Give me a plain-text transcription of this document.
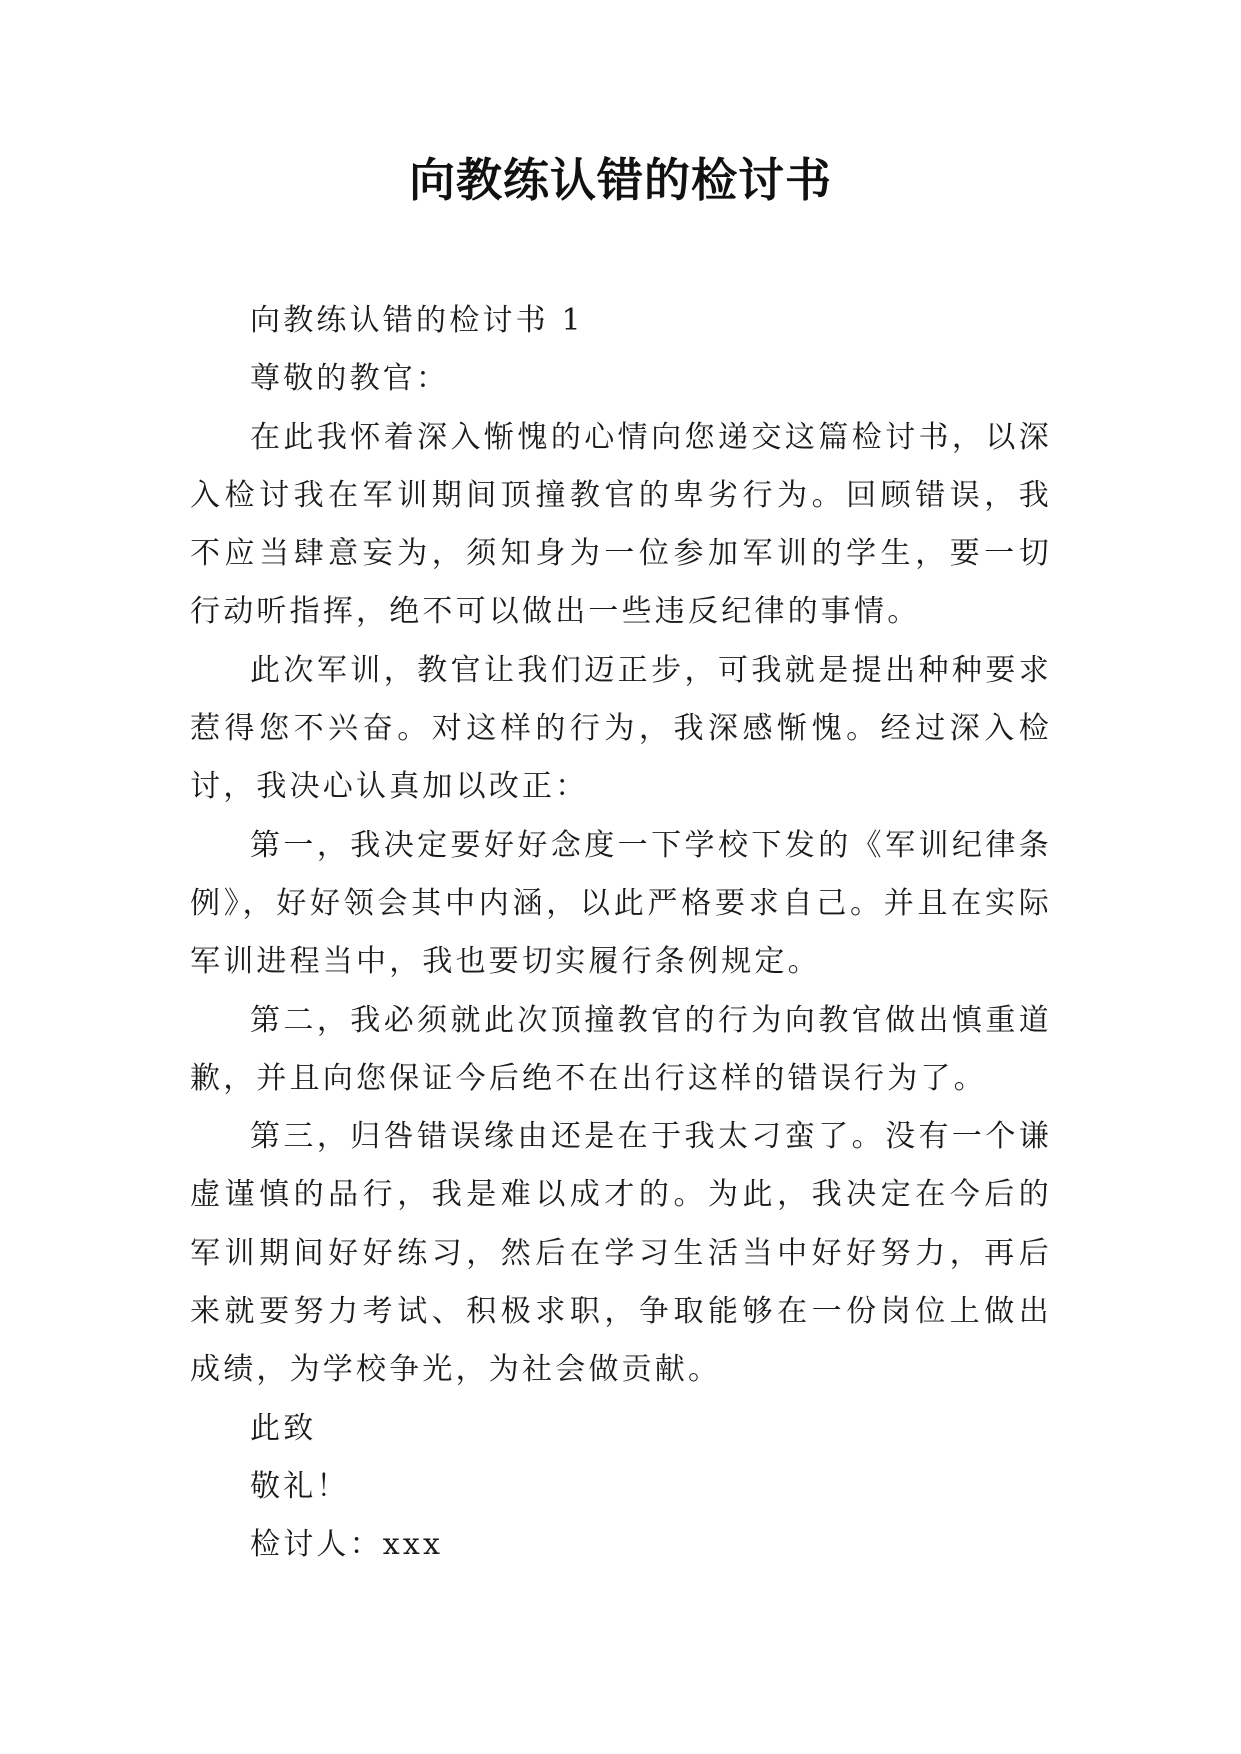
向教练认错的检讨书

向教练认错的检讨书 1

尊敬的教官：

在此我怀着深入惭愧的心情向您递交这篇检讨书，以深入检讨我在军训期间顶撞教官的卑劣行为。回顾错误，我不应当肆意妄为，须知身为一位参加军训的学生，要一切行动听指挥，绝不可以做出一些违反纪律的事情。

此次军训，教官让我们迈正步，可我就是提出种种要求惹得您不兴奋。对这样的行为，我深感惭愧。经过深入检讨，我决心认真加以改正：

第一，我决定要好好念度一下学校下发的《军训纪律条例》，好好领会其中内涵，以此严格要求自己。并且在实际军训进程当中，我也要切实履行条例规定。

第二，我必须就此次顶撞教官的行为向教官做出慎重道歉，并且向您保证今后绝不在出行这样的错误行为了。

第三，归咎错误缘由还是在于我太刁蛮了。没有一个谦虚谨慎的品行，我是难以成才的。为此，我决定在今后的军训期间好好练习，然后在学习生活当中好好努力，再后来就要努力考试、积极求职，争取能够在一份岗位上做出成绩，为学校争光，为社会做贡献。

此致

敬礼！

检讨人：xxx
